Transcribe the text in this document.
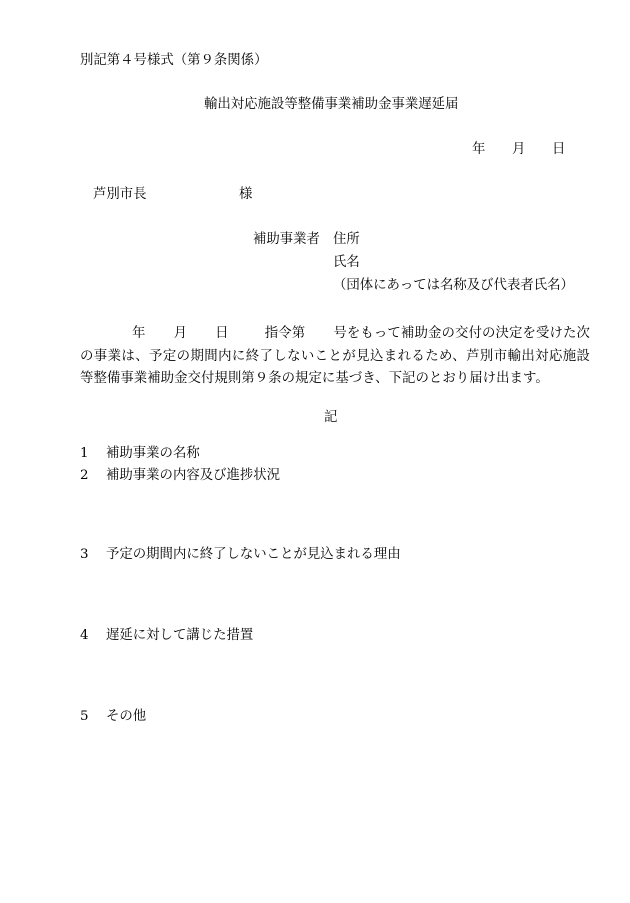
別記第４号様式（第９条関係）
輸出対応施設等整備事業補助金事業遅延届
年 月 日
芦別市長	様
補助事業者 住所
氏名
（団体にあっては名称及び代表者氏名）
年 月 日	指令第 号をもって補助金の交付の決定を受けた次の事業は、予定の期間内に終了しないことが見込まれるため、芦別市輸出対応施設等整備事業補助金交付規則第９条の規定に基づき、下記のとおり届け出ます。
記
1 補助事業の名称
2 補助事業の内容及び進捗状況
3 予定の期間内に終了しないことが見込まれる理由
4 遅延に対して講じた措置
5 その他
